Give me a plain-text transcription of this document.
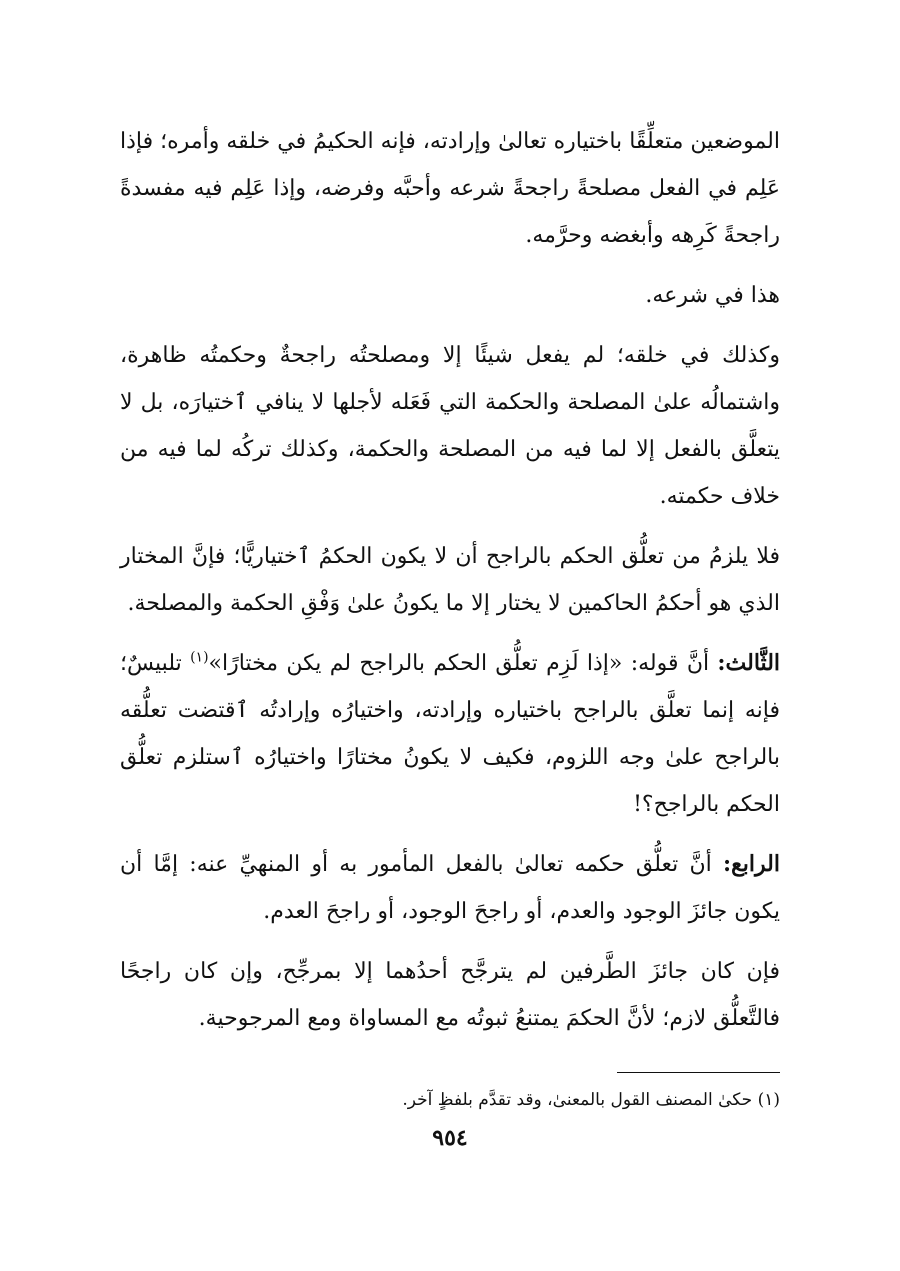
الموضعين متعلِّقًا باختياره تعالىٰ وإرادته، فإنه الحكيمُ في خلقه وأمره؛ فإذا عَلِم في الفعل مصلحةً راجحةً شرعه وأحبَّه وفرضه، وإذا عَلِم فيه مفسدةً راجحةً كَرِهه وأبغضه وحرَّمه.

هذا في شرعه.

وكذلك في خلقه؛ لم يفعل شيئًا إلا ومصلحتُه راجحةٌ وحكمتُه ظاهرة، واشتمالُه علىٰ المصلحة والحكمة التي فَعَله لأجلها لا ينافي ٱختيارَه، بل لا يتعلَّق بالفعل إلا لما فيه من المصلحة والحكمة، وكذلك تركُه لما فيه من خلاف حكمته.

فلا يلزمُ من تعلُّق الحكم بالراجح أن لا يكون الحكمُ ٱختياريًّا؛ فإنَّ المختار الذي هو أحكمُ الحاكمين لا يختار إلا ما يكونُ علىٰ وَفْقِ الحكمة والمصلحة.

الثَّالث: أنَّ قوله: «إذا لَزِم تعلُّق الحكم بالراجح لم يكن مختارًا»$^{(١)}$ تلبيسٌ؛ فإنه إنما تعلَّق بالراجح باختياره وإرادته، واختيارُه وإرادتُه ٱقتضت تعلُّقه بالراجح علىٰ وجه اللزوم، فكيف لا يكونُ مختارًا واختيارُه ٱستلزم تعلُّق الحكم بالراجح؟!

الرابع: أنَّ تعلُّق حكمه تعالىٰ بالفعل المأمور به أو المنهيِّ عنه: إمَّا أن يكون جائزَ الوجود والعدم، أو راجحَ الوجود، أو راجحَ العدم.

فإن كان جائزَ الطَّرفين لم يترجَّح أحدُهما إلا بمرجِّح، وإن كان راجحًا فالتَّعلُّق لازم؛ لأنَّ الحكمَ يمتنعُ ثبوتُه مع المساواة ومع المرجوحية.

(١) حكىٰ المصنف القول بالمعنىٰ، وقد تقدَّم بلفظٍ آخر.
٩٥٤
